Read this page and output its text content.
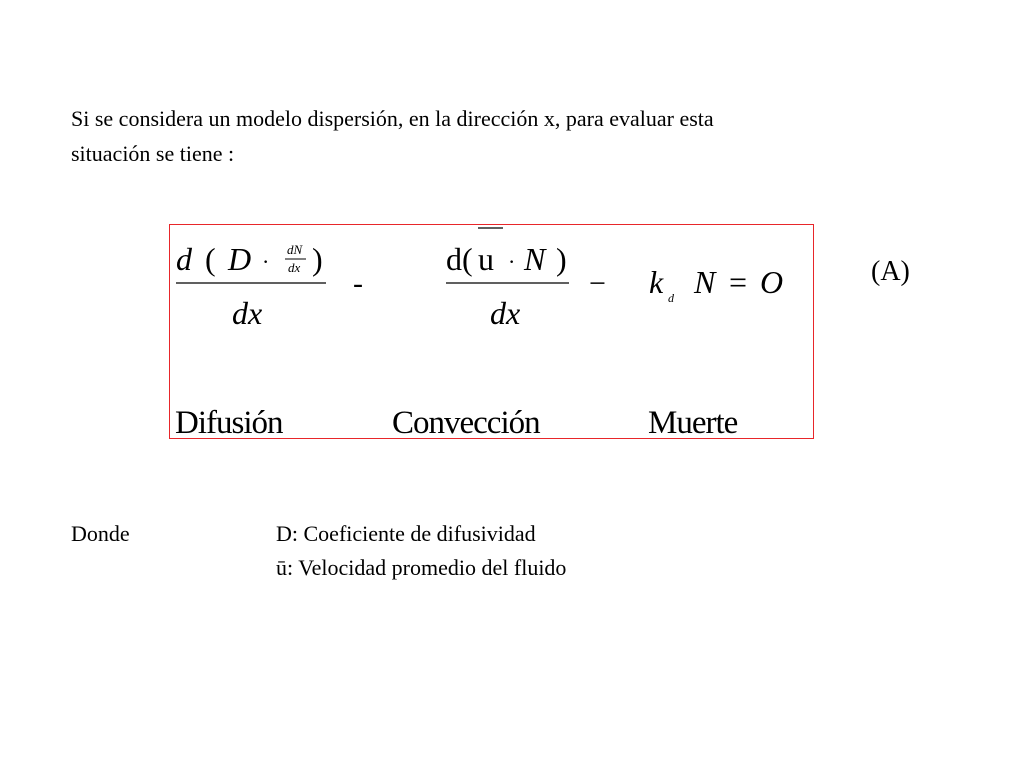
Si se considera un modelo dispersión, en la dirección x, para evaluar esta
situación se tiene :

d ( D · dN
dx )
dx
-
d( u · N )
dx
− k d N = O
Difusión	Convección	Muerte
(A)
Donde	D: Coeficiente de difusividad
ū: Velocidad promedio del fluido
